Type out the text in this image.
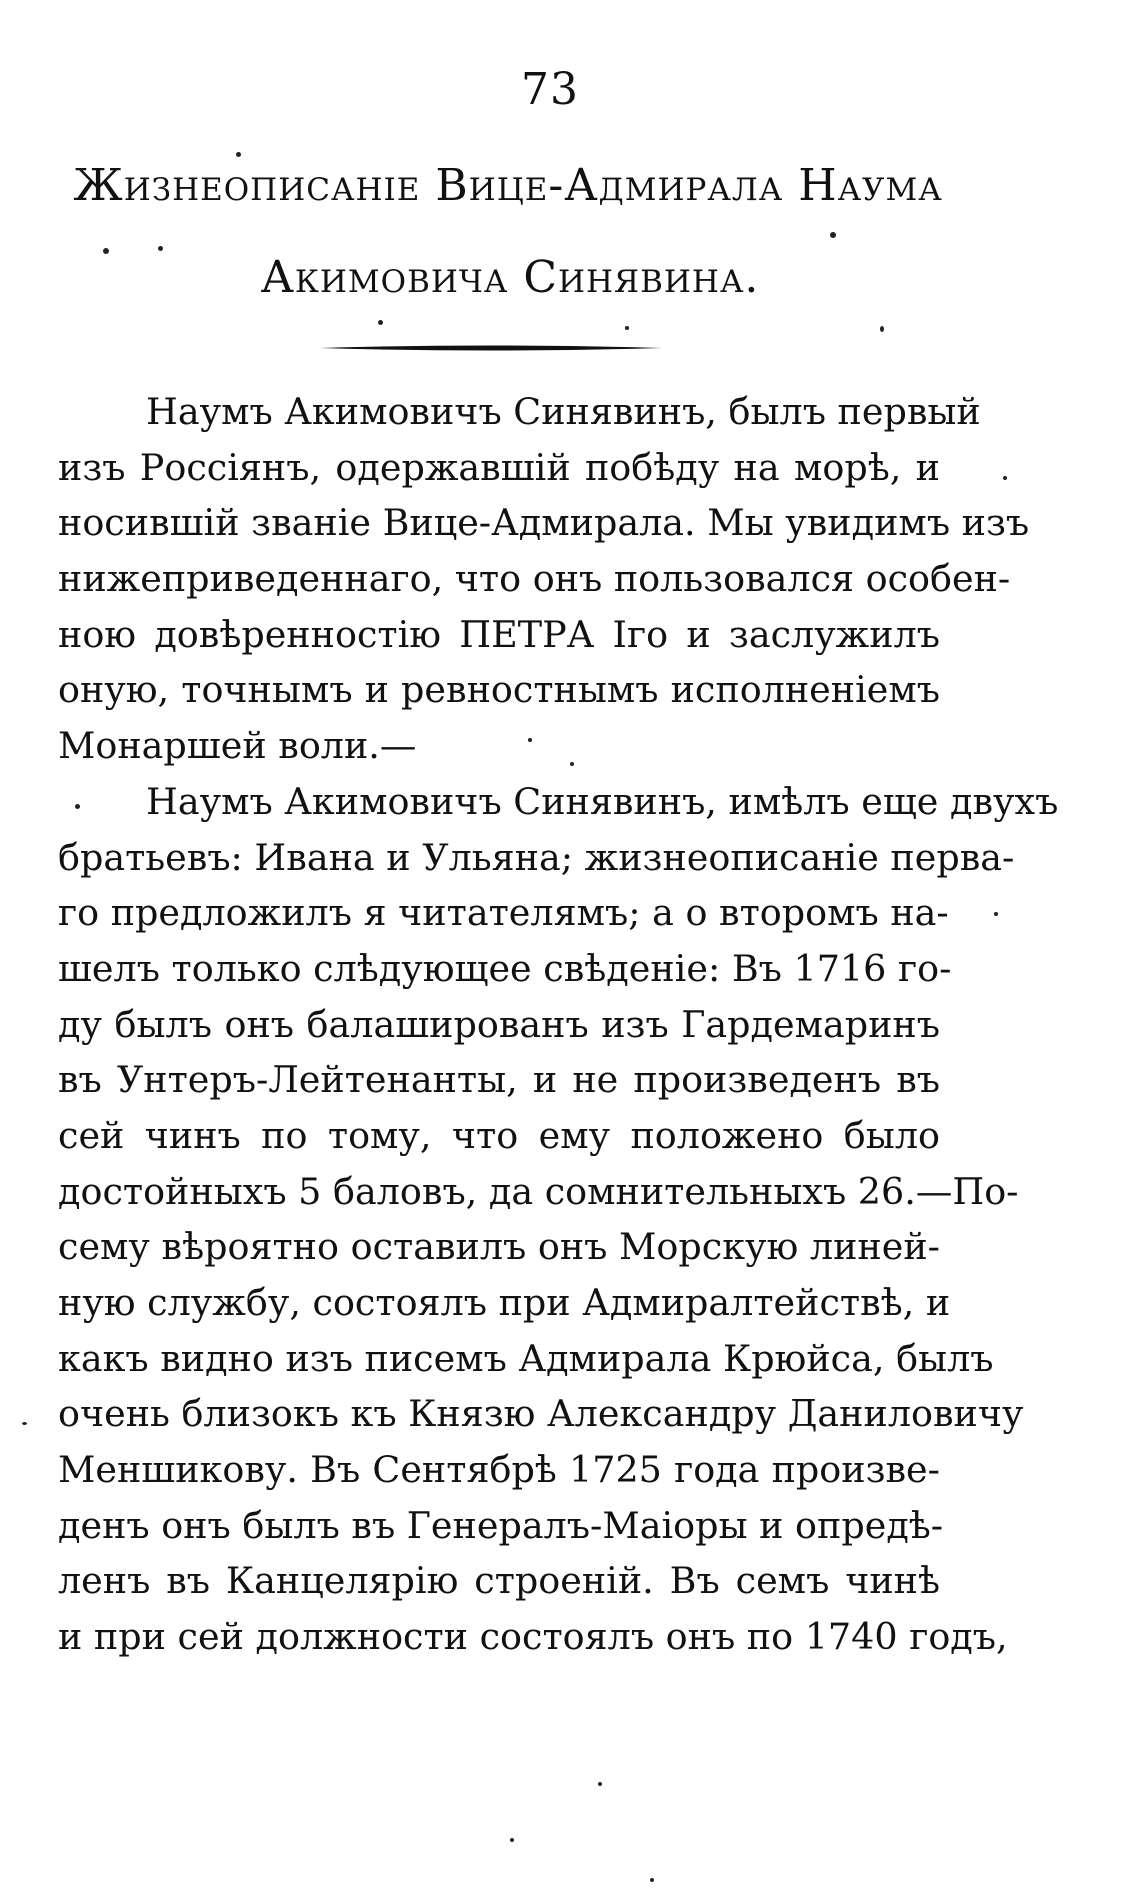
73
Жизнеописаніе Вице-Адмирала Наума
Акимовича Синявина.
Наумъ Акимовичъ Синявинъ, былъ первый
изъ Россіянъ, одержавшій побѣду на морѣ, и
носившій званіе Вице-Адмирала. Мы увидимъ изъ
нижеприведеннаго, что онъ пользовался особен-
ною довѣренностію ПЕТРА Iго и заслужилъ
оную, точнымъ и ревностнымъ исполненіемъ
Монаршей воли.—
Наумъ Акимовичъ Синявинъ, имѣлъ еще двухъ
братьевъ: Ивана и Ульяна; жизнеописаніе перва-
го предложилъ я читателямъ; а о второмъ на-
шелъ только слѣдующее свѣденіе: Въ 1716 го-
ду былъ онъ балашированъ изъ Гардемаринъ
въ Унтеръ-Лейтенанты, и не произведенъ въ
сей чинъ по тому, что ему положено было
достойныхъ 5 баловъ, да сомнительныхъ 26.—По-
сему вѣроятно оставилъ онъ Морскую линей-
ную службу, состоялъ при Адмиралтействѣ, и
какъ видно изъ писемъ Адмирала Крюйса, былъ
очень близокъ къ Князю Александру Даниловичу
Меншикову. Въ Сентябрѣ 1725 года произве-
денъ онъ былъ въ Генералъ-Маіоры и опредѣ-
ленъ въ Канцелярію строеній. Въ семъ чинѣ
и при сей должности состоялъ онъ по 1740 годъ,
